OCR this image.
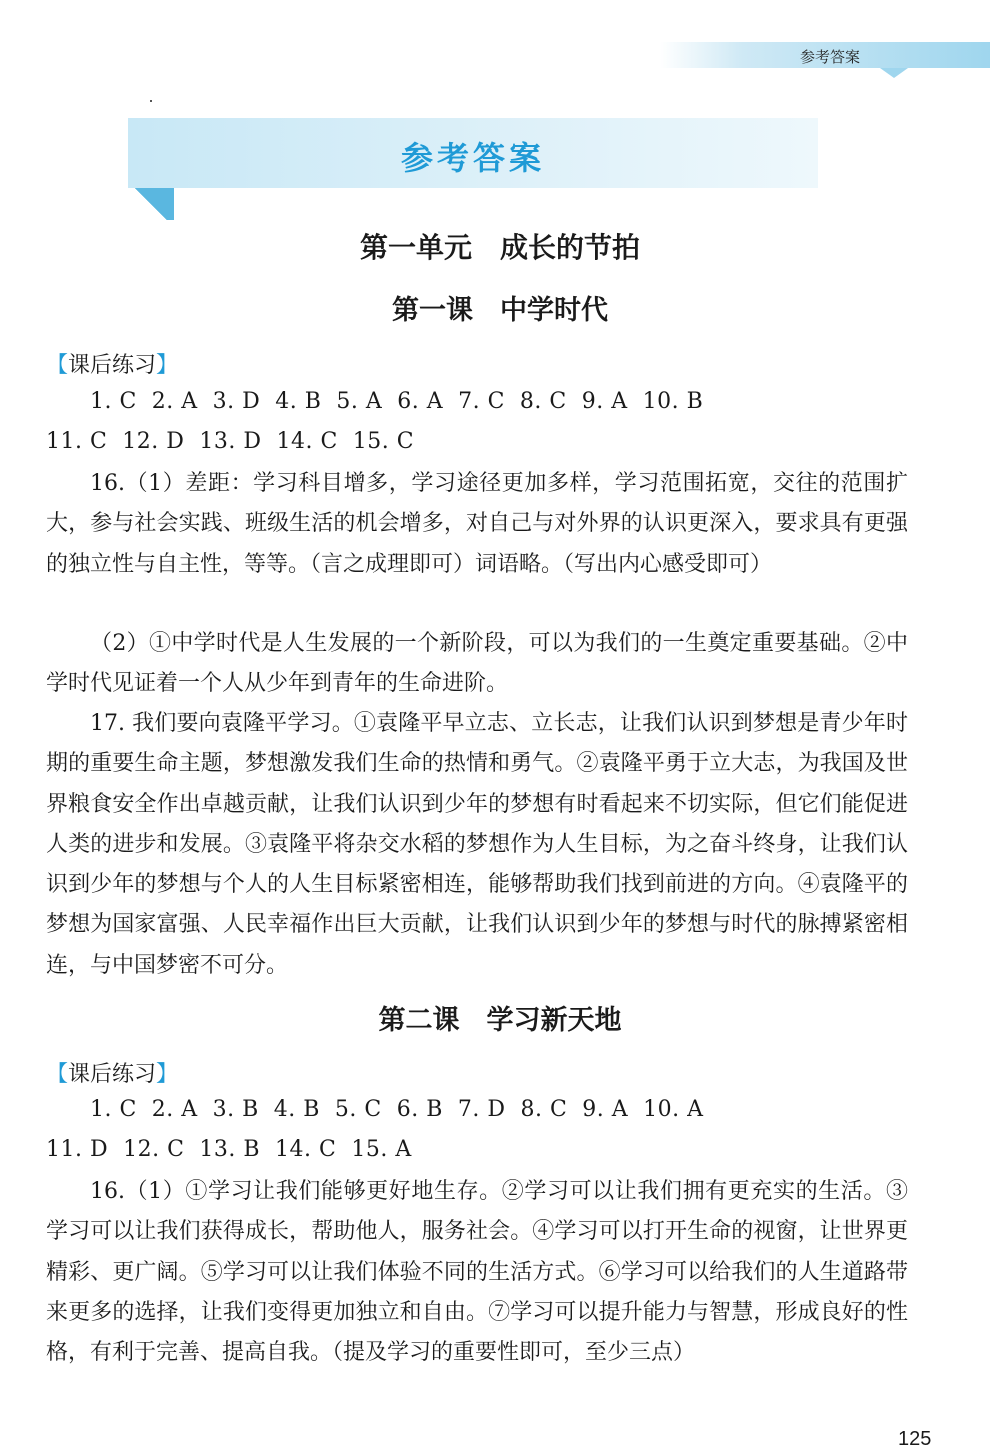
参考答案
参考答案
第一单元　成长的节拍
第一课　中学时代
【课后练习】
1. C  2. A  3. D  4. B  5. A  6. A  7. C  8. C  9. A  10. B
11. C  12. D  13. D  14. C  15. C
16.（1）差距：学习科目增多，学习途径更加多样，学习范围拓宽，交往的范围扩大，参与社会实践、班级生活的机会增多，对自己与对外界的认识更深入，要求具有更强的独立性与自主性，等等。（言之成理即可）词语略。（写出内心感受即可）
（2）①中学时代是人生发展的一个新阶段，可以为我们的一生奠定重要基础。②中学时代见证着一个人从少年到青年的生命进阶。
17. 我们要向袁隆平学习。①袁隆平早立志、立长志，让我们认识到梦想是青少年时期的重要生命主题，梦想激发我们生命的热情和勇气。②袁隆平勇于立大志，为我国及世界粮食安全作出卓越贡献，让我们认识到少年的梦想有时看起来不切实际，但它们能促进人类的进步和发展。③袁隆平将杂交水稻的梦想作为人生目标，为之奋斗终身，让我们认识到少年的梦想与个人的人生目标紧密相连，能够帮助我们找到前进的方向。④袁隆平的梦想为国家富强、人民幸福作出巨大贡献，让我们认识到少年的梦想与时代的脉搏紧密相连，与中国梦密不可分。
第二课　学习新天地
【课后练习】
1. C  2. A  3. B  4. B  5. C  6. B  7. D  8. C  9. A  10. A
11. D  12. C  13. B  14. C  15. A
16.（1）①学习让我们能够更好地生存。②学习可以让我们拥有更充实的生活。③学习可以让我们获得成长，帮助他人，服务社会。④学习可以打开生命的视窗，让世界更精彩、更广阔。⑤学习可以让我们体验不同的生活方式。⑥学习可以给我们的人生道路带来更多的选择，让我们变得更加独立和自由。⑦学习可以提升能力与智慧，形成良好的性格，有利于完善、提高自我。（提及学习的重要性即可，至少三点）
125
